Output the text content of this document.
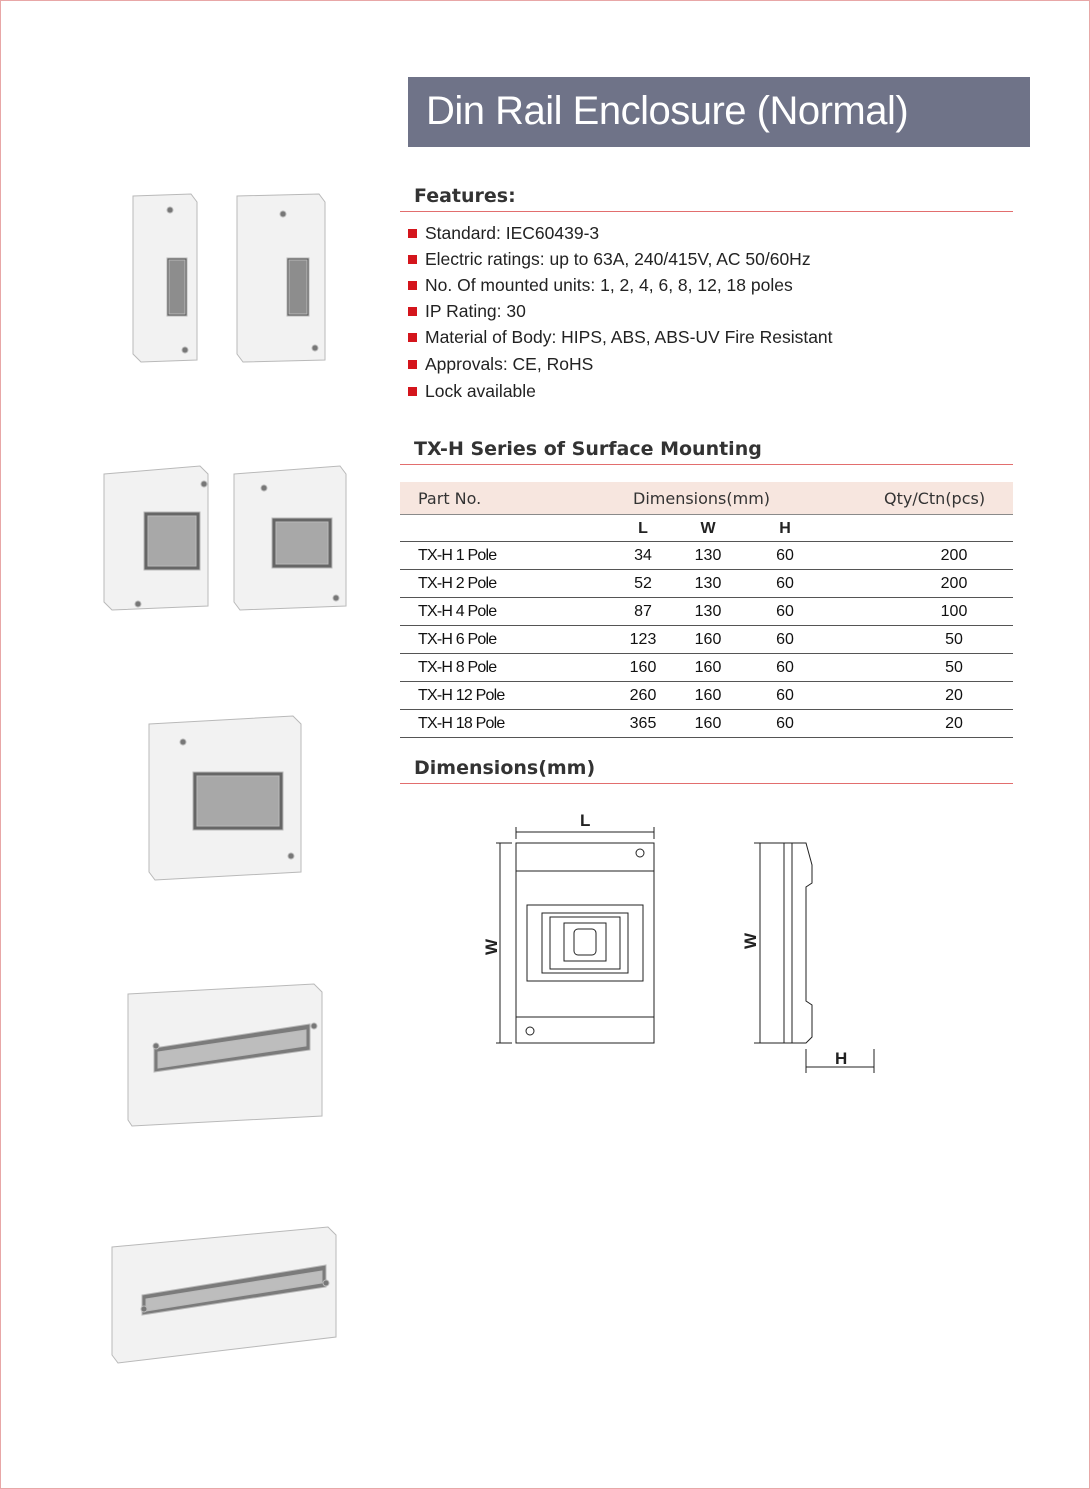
Din Rail Enclosure (Normal)
Features:
Standard: IEC60439-3
Electric ratings: up to 63A, 240/415V, AC 50/60Hz
No. Of mounted units: 1, 2, 4, 6, 8, 12, 18 poles
IP Rating: 30
Material of Body: HIPS, ABS, ABS-UV Fire Resistant
Approvals: CE, RoHS
Lock available
TX-H Series of Surface Mounting
Part No.	Dimensions(mm)	Qty/Ctn(pcs)
L	W	H
TX-H 1 Pole	34	130	60	200
TX-H 2 Pole	52	130	60	200
TX-H 4 Pole	87	130	60	100
TX-H 6 Pole	123	160	60	50
TX-H 8 Pole	160	160	60	50
TX-H 12 Pole	260	160	60	20
TX-H 18 Pole	365	160	60	20
Dimensions(mm)
L
W	W
H
